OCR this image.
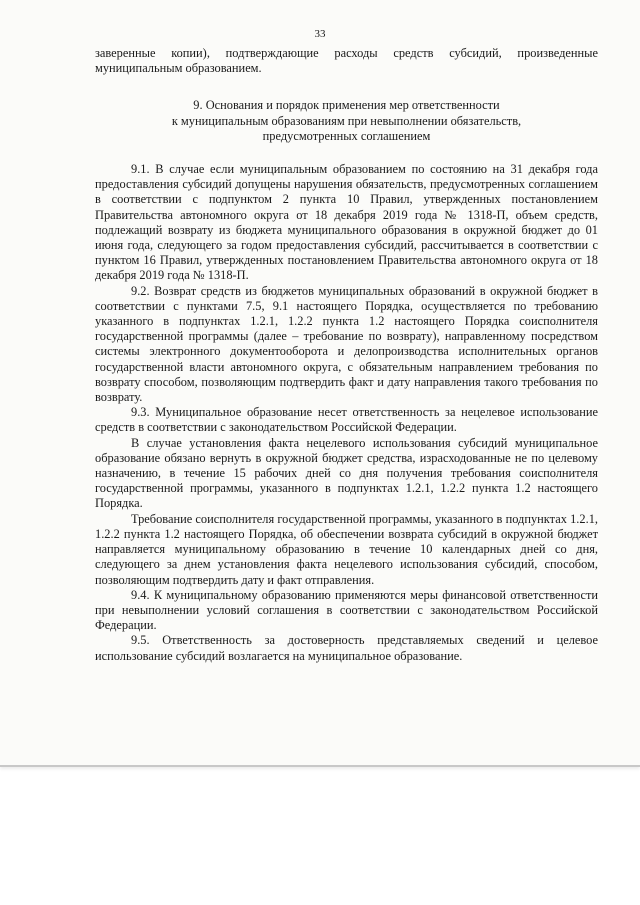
33

заверенные копии), подтверждающие расходы средств субсидий, произведенные муниципальным образованием.

9. Основания и порядок применения мер ответственности
к муниципальным образованиям при невыполнении обязательств,
предусмотренных соглашением

9.1. В случае если муниципальным образованием по состоянию на 31 декабря года предоставления субсидий допущены нарушения обязательств, предусмотренных соглашением в соответствии с подпунктом 2 пункта 10 Правил, утвержденных постановлением Правительства автономного округа от 18 декабря 2019 года № 1318-П, объем средств, подлежащий возврату из бюджета муниципального образования в окружной бюджет до 01 июня года, следующего за годом предоставления субсидий, рассчитывается в соответствии с пунктом 16 Правил, утвержденных постановлением Правительства автономного округа от 18 декабря 2019 года № 1318-П.

9.2. Возврат средств из бюджетов муниципальных образований в окружной бюджет в соответствии с пунктами 7.5, 9.1 настоящего Порядка, осуществляется по требованию указанного в подпунктах 1.2.1, 1.2.2 пункта 1.2 настоящего Порядка соисполнителя государственной программы (далее – требование по возврату), направленному посредством системы электронного документооборота и делопроизводства исполнительных органов государственной власти автономного округа, с обязательным направлением требования по возврату способом, позволяющим подтвердить факт и дату направления такого требования по возврату.

9.3. Муниципальное образование несет ответственность за нецелевое использование средств в соответствии с законодательством Российской Федерации.

В случае установления факта нецелевого использования субсидий муниципальное образование обязано вернуть в окружной бюджет средства, израсходованные не по целевому назначению, в течение 15 рабочих дней со дня получения требования соисполнителя государственной программы, указанного в подпунктах 1.2.1, 1.2.2 пункта 1.2 настоящего Порядка.

Требование соисполнителя государственной программы, указанного в подпунктах 1.2.1, 1.2.2 пункта 1.2 настоящего Порядка, об обеспечении возврата субсидий в окружной бюджет направляется муниципальному образованию в течение 10 календарных дней со дня, следующего за днем установления факта нецелевого использования субсидий, способом, позволяющим подтвердить дату и факт отправления.

9.4. К муниципальному образованию применяются меры финансовой ответственности при невыполнении условий соглашения в соответствии с законодательством Российской Федерации.

9.5. Ответственность за достоверность представляемых сведений и целевое использование субсидий возлагается на муниципальное образование.
